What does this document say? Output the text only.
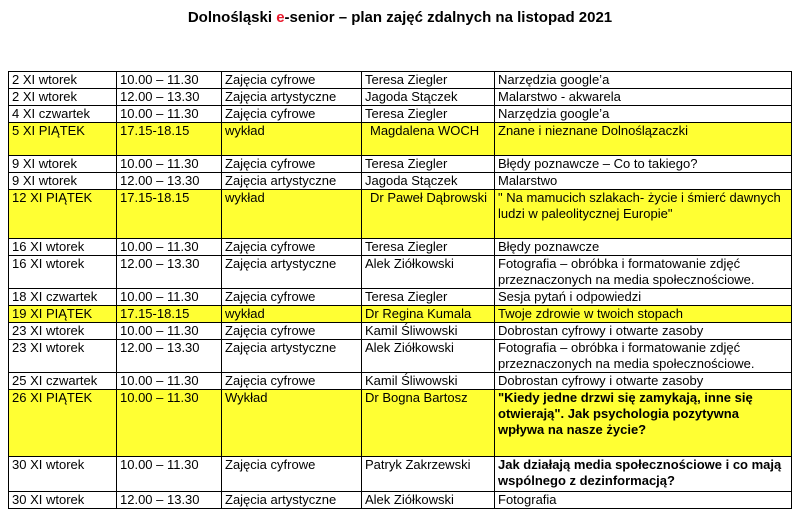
Dolnośląski e-senior – plan zajęć zdalnych na listopad 2021
2 XI wtorek	10.00 – 11.30	Zajęcia cyfrowe	Teresa Ziegler	Narzędzia google’a
2 XI wtorek	12.00 – 13.30	Zajęcia artystyczne	Jagoda Stączek	Malarstwo - akwarela
4 XI czwartek	10.00 – 11.30	Zajęcia cyfrowe	Teresa Ziegler	Narzędzia google’a
5 XI PIĄTEK	17.15-18.15	wykład	Magdalena WOCH	Znane i nieznane Dolnoślązaczki
9 XI wtorek	10.00 – 11.30	Zajęcia cyfrowe	Teresa Ziegler	Błędy poznawcze – Co to takiego?
9 XI wtorek	12.00 – 13.30	Zajęcia artystyczne	Jagoda Stączek	Malarstwo
12 XI PIĄTEK	17.15-18.15	wykład	Dr Paweł Dąbrowski	" Na mamucich szlakach- życie i śmierć dawnych ludzi w paleolitycznej Europie"
16 XI wtorek	10.00 – 11.30	Zajęcia cyfrowe	Teresa Ziegler	Błędy poznawcze
16 XI wtorek	12.00 – 13.30	Zajęcia artystyczne	Alek Ziółkowski	Fotografia – obróbka i formatowanie zdjęć przeznaczonych na media społecznościowe.
18 XI czwartek	10.00 – 11.30	Zajęcia cyfrowe	Teresa Ziegler	Sesja pytań i odpowiedzi
19 XI PIĄTEK	17.15-18.15	wykład	Dr Regina Kumala	Twoje zdrowie w twoich stopach
23 XI wtorek	10.00 – 11.30	Zajęcia cyfrowe	Kamil Śliwowski	Dobrostan cyfrowy i otwarte zasoby
23 XI wtorek	12.00 – 13.30	Zajęcia artystyczne	Alek Ziółkowski	Fotografia – obróbka i formatowanie zdjęć przeznaczonych na media społecznościowe.
25 XI czwartek	10.00 – 11.30	Zajęcia cyfrowe	Kamil Śliwowski	Dobrostan cyfrowy i otwarte zasoby
26 XI PIĄTEK	10.00 – 11.30	Wykład	Dr Bogna Bartosz	"Kiedy jedne drzwi się zamykają, inne się otwierają". Jak psychologia pozytywna wpływa na nasze życie?
30 XI wtorek	10.00 – 11.30	Zajęcia cyfrowe	Patryk Zakrzewski	Jak działają media społecznościowe i co mają wspólnego z dezinformacją?
30 XI wtorek	12.00 – 13.30	Zajęcia artystyczne	Alek Ziółkowski	Fotografia
